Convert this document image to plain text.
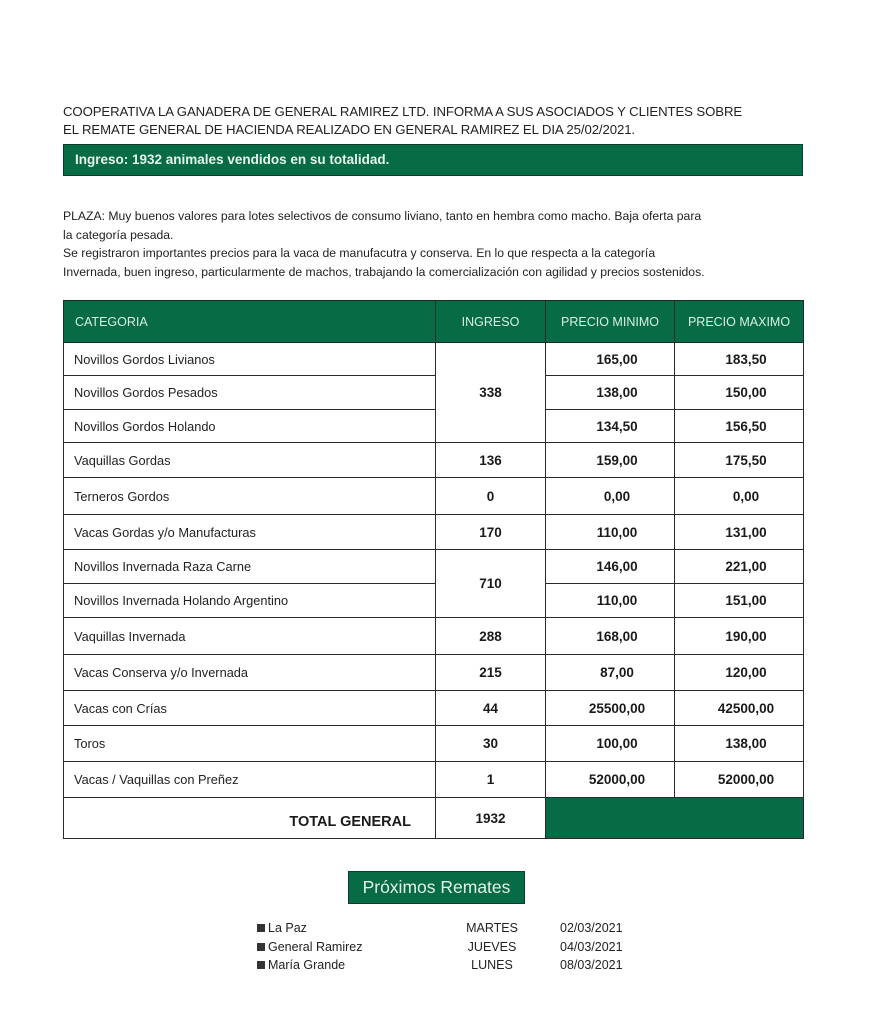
COOPERATIVA LA GANADERA DE GENERAL RAMIREZ LTD. INFORMA A SUS ASOCIADOS Y CLIENTES SOBRE
EL REMATE GENERAL DE HACIENDA REALIZADO EN GENERAL RAMIREZ EL DIA 25/02/2021.
Ingreso: 1932 animales vendidos en su totalidad.
PLAZA: Muy buenos valores para lotes selectivos de consumo liviano, tanto en hembra como macho. Baja oferta para
la categoría pesada.
Se registraron importantes precios para la vaca de manufacutra y conserva. En lo que respecta a la categoría
Invernada, buen ingreso, particularmente de machos, trabajando la comercialización con agilidad y precios sostenidos.
CATEGORIA	INGRESO	PRECIO MINIMO	PRECIO MAXIMO
Novillos Gordos Livianos	338	165,00	183,50
Novillos Gordos Pesados		138,00	150,00
Novillos Gordos Holando		134,50	156,50
Vaquillas Gordas	136	159,00	175,50
Terneros Gordos	0	0,00	0,00
Vacas Gordas y/o Manufacturas	170	110,00	131,00
Novillos Invernada Raza Carne	710	146,00	221,00
Novillos Invernada Holando Argentino		110,00	151,00
Vaquillas Invernada	288	168,00	190,00
Vacas Conserva y/o Invernada	215	87,00	120,00
Vacas con Crías	44	25500,00	42500,00
Toros	30	100,00	138,00
Vacas / Vaquillas con Preñez	1	52000,00	52000,00
TOTAL GENERAL	1932		
Próximos Remates
La Paz	MARTES	02/03/2021
General Ramirez	JUEVES	04/03/2021
María Grande	LUNES	08/03/2021
